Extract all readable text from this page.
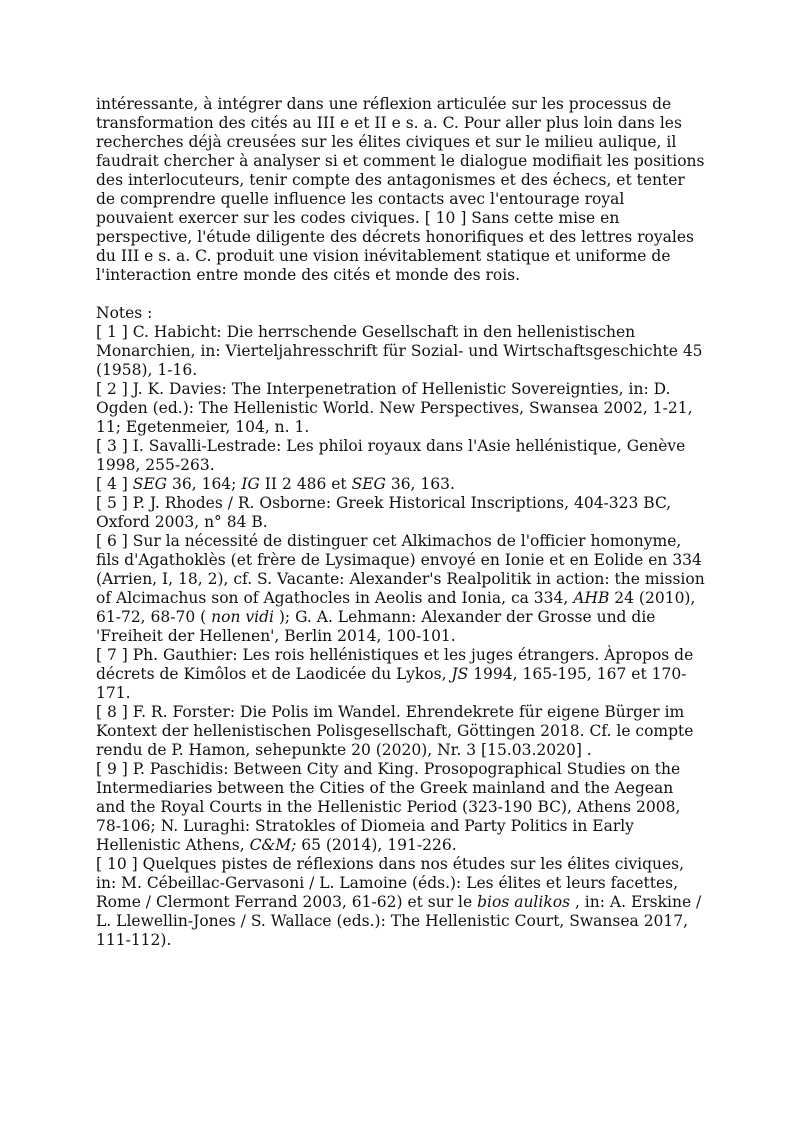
intéressante, à intégrer dans une réflexion articulée sur les processus de transformation des cités au III e et II e s. a. C. Pour aller plus loin dans les recherches déjà creusées sur les élites civiques et sur le milieu aulique, il faudrait chercher à analyser si et comment le dialogue modifiait les positions des interlocuteurs, tenir compte des antagonismes et des échecs, et tenter de comprendre quelle influence les contacts avec l'entourage royal pouvaient exercer sur les codes civiques. [ 10 ] Sans cette mise en perspective, l'étude diligente des décrets honorifiques et des lettres royales du III e s. a. C. produit une vision inévitablement statique et uniforme de l'interaction entre monde des cités et monde des rois.

Notes :

[ 1 ] C. Habicht: Die herrschende Gesellschaft in den hellenistischen Monarchien, in: Vierteljahresschrift für Sozial- und Wirtschaftsgeschichte 45 (1958), 1-16.

[ 2 ] J. K. Davies: The Interpenetration of Hellenistic Sovereignties, in: D. Ogden (ed.): The Hellenistic World. New Perspectives, Swansea 2002, 1-21, 11; Egetenmeier, 104, n. 1.

[ 3 ] I. Savalli-Lestrade: Les philoi royaux dans l'Asie hellénistique, Genève 1998, 255-263.

[ 4 ] SEG 36, 164; IG II 2 486 et SEG 36, 163.

[ 5 ] P. J. Rhodes / R. Osborne: Greek Historical Inscriptions, 404-323 BC, Oxford 2003, n° 84 B.

[ 6 ] Sur la nécessité de distinguer cet Alkimachos de l'officier homonyme, fils d'Agathoklès (et frère de Lysimaque) envoyé en Ionie et en Eolide en 334 (Arrien, I, 18, 2), cf. S. Vacante: Alexander's Realpolitik in action: the mission of Alcimachus son of Agathocles in Aeolis and Ionia, ca 334, AHB 24 (2010), 61-72, 68-70 ( non vidi ); G. A. Lehmann: Alexander der Grosse und die 'Freiheit der Hellenen', Berlin 2014, 100-101.

[ 7 ] Ph. Gauthier: Les rois hellénistiques et les juges étrangers. Àpropos de décrets de Kimôlos et de Laodicée du Lykos, JS 1994, 165-195, 167 et 170-171.

[ 8 ] F. R. Forster: Die Polis im Wandel. Ehrendekrete für eigene Bürger im Kontext der hellenistischen Polisgesellschaft, Göttingen 2018. Cf. le compte rendu de P. Hamon, sehepunkte 20 (2020), Nr. 3 [15.03.2020] .

[ 9 ] P. Paschidis: Between City and King. Prosopographical Studies on the Intermediaries between the Cities of the Greek mainland and the Aegean and the Royal Courts in the Hellenistic Period (323-190 BC), Athens 2008, 78-106; N. Luraghi: Stratokles of Diomeia and Party Politics in Early Hellenistic Athens, C&M; 65 (2014), 191-226.

[ 10 ] Quelques pistes de réflexions dans nos études sur les élites civiques, in: M. Cébeillac-Gervasoni / L. Lamoine (éds.): Les élites et leurs facettes, Rome / Clermont Ferrand 2003, 61-62) et sur le bios aulikos , in: A. Erskine / L. Llewellin-Jones / S. Wallace (eds.): The Hellenistic Court, Swansea 2017, 111-112).
